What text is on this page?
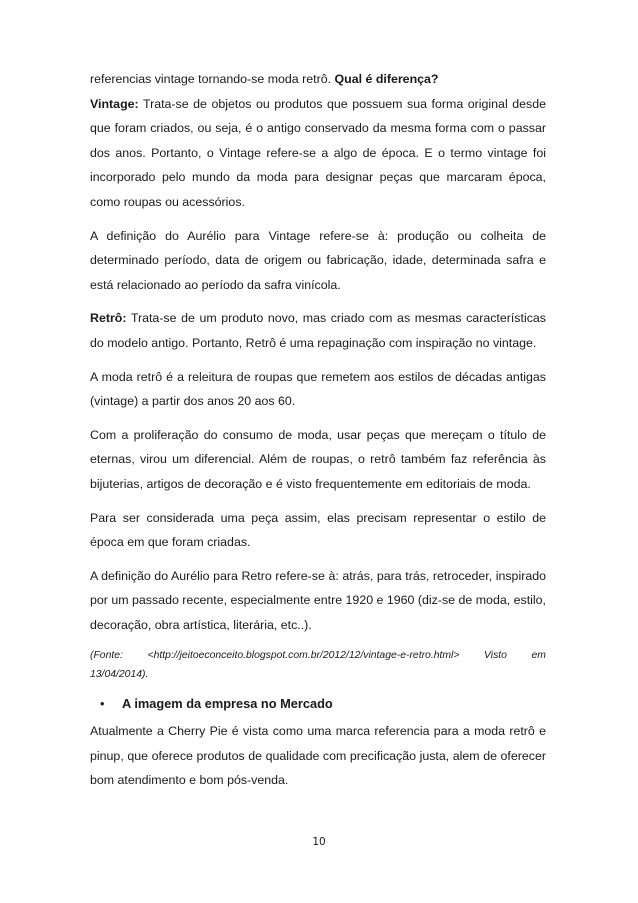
referencias vintage tornando-se moda retrô. Qual é diferença?

Vintage: Trata-se de objetos ou produtos que possuem sua forma original desde que foram criados, ou seja, é o antigo conservado da mesma forma com o passar dos anos. Portanto, o Vintage refere-se a algo de época. E o termo vintage foi incorporado pelo mundo da moda para designar peças que marcaram época, como roupas ou acessórios.

A definição do Aurélio para Vintage refere-se à: produção ou colheita de determinado período, data de origem ou fabricação, idade, determinada safra e está relacionado ao período da safra vinícola.

Retrô: Trata-se de um produto novo, mas criado com as mesmas características do modelo antigo. Portanto, Retrô é uma repaginação com inspiração no vintage.

A moda retrô é a releitura de roupas que remetem aos estilos de décadas antigas (vintage) a partir dos anos 20 aos 60.

Com a proliferação do consumo de moda, usar peças que mereçam o título de eternas, virou um diferencial. Além de roupas, o retrô também faz referência às bijuterias, artigos de decoração e é visto frequentemente em editoriais de moda.

Para ser considerada uma peça assim, elas precisam representar o estilo de época em que foram criadas.

A definição do Aurélio para Retro refere-se à: atrás, para trás, retroceder, inspirado por um passado recente, especialmente entre 1920 e 1960 (diz-se de moda, estilo, decoração, obra artística, literária, etc..).

(Fonte: <http://jeitoeconceito.blogspot.com.br/2012/12/vintage-e-retro.html> Visto em
13/04/2014).
•	A imagem da empresa no Mercado

Atualmente a Cherry Pie é vista como uma marca referencia para a moda retrô e pinup, que oferece produtos de qualidade com precificação justa, alem de oferecer bom atendimento e bom pós-venda.

10
